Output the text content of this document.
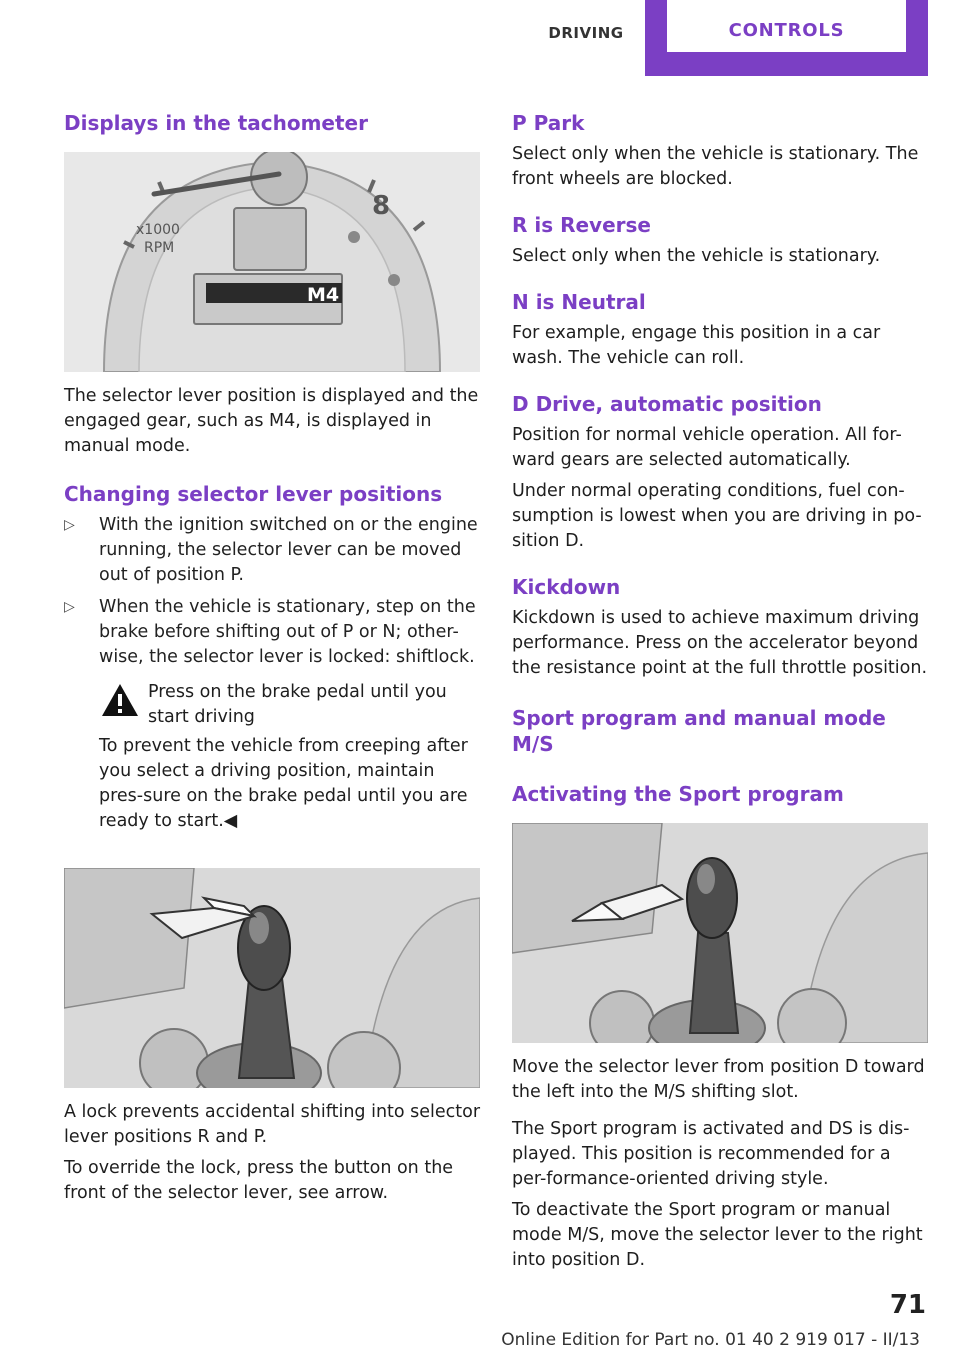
DRIVING	CONTROLS
Displays in the tachometer
x1000
RPM
8
M4

The selector lever position is displayed and the engaged gear, such as M4, is displayed in manual mode.

Changing selector lever positions
▷ With the ignition switched on or the engine running, the selector lever can be moved out of position P.
▷ When the vehicle is stationary, step on the brake before shifting out of P or N; other-wise, the selector lever is locked: shiftlock.

Press on the brake pedal until you start driving

To prevent the vehicle from creeping after you select a driving position, maintain pres-sure on the brake pedal until you are ready to start.◀

A lock prevents accidental shifting into selector lever positions R and P.

To override the lock, press the button on the front of the selector lever, see arrow.

P Park

Select only when the vehicle is stationary. The front wheels are blocked.

R is Reverse

Select only when the vehicle is stationary.

N is Neutral

For example, engage this position in a car wash. The vehicle can roll.

D Drive, automatic position

Position for normal vehicle operation. All for-ward gears are selected automatically.

Under normal operating conditions, fuel con-sumption is lowest when you are driving in po-sition D.

Kickdown

Kickdown is used to achieve maximum driving performance. Press on the accelerator beyond the resistance point at the full throttle position.

Sport program and manual mode M/S
Activating the Sport program

Move the selector lever from position D toward the left into the M/S shifting slot.

The Sport program is activated and DS is dis-played. This position is recommended for a per-formance-oriented driving style.

To deactivate the Sport program or manual mode M/S, move the selector lever to the right into position D.

71
Online Edition for Part no. 01 40 2 919 017 - II/13
